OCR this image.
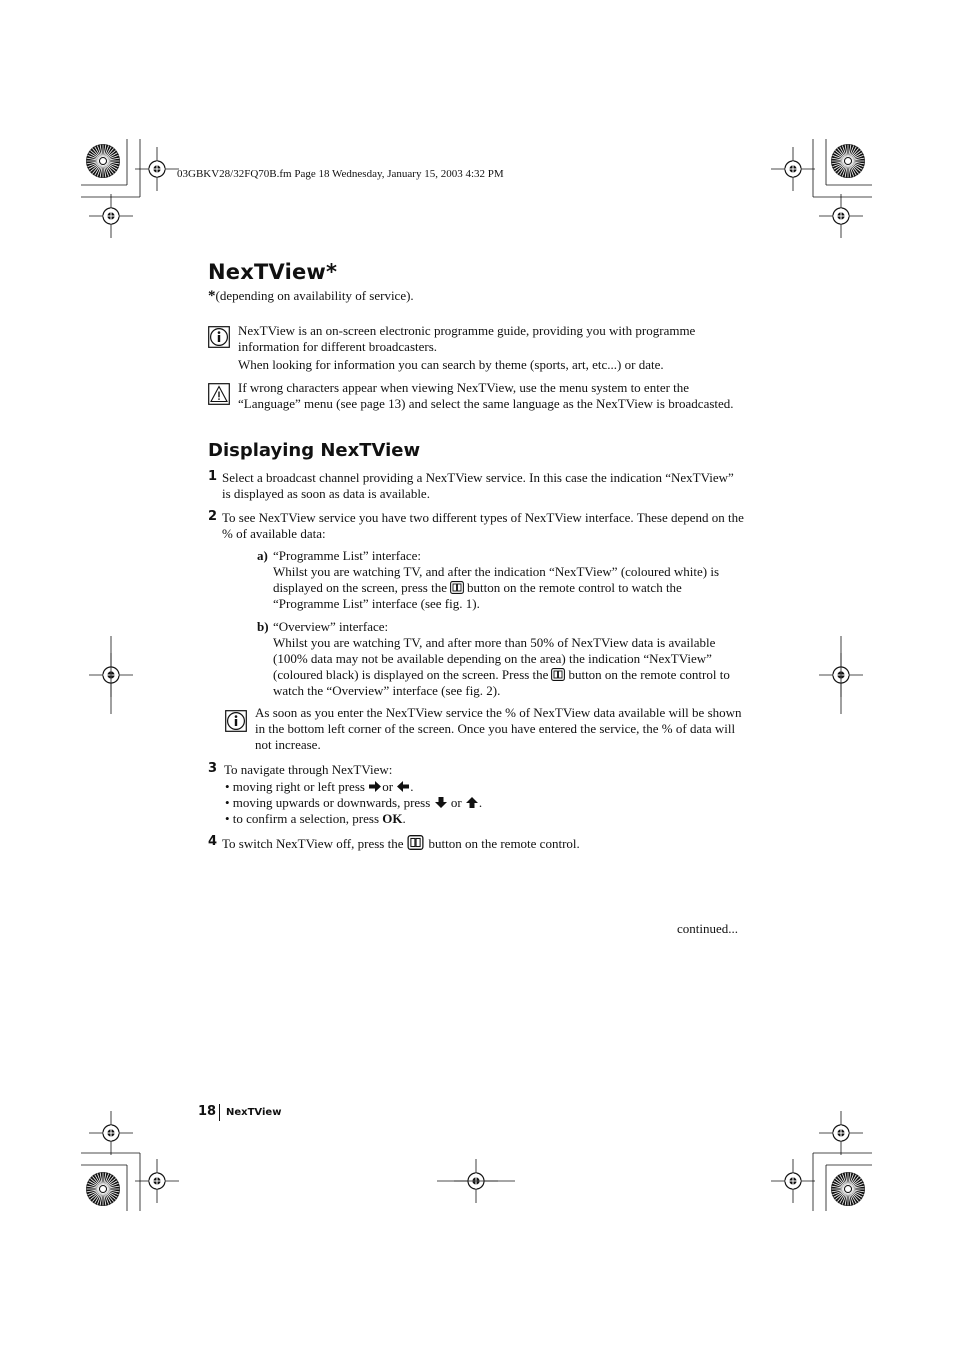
03GBKV28/32FQ70B.fm Page 18 Wednesday, January 15, 2003 4:32 PM
NexTView*
*(depending on availability of service).
NexTView is an on-screen electronic programme guide, providing you with programme information for different broadcasters.
When looking for information you can search by theme (sports, art, etc...) or date.
If wrong characters appear when viewing NexTView, use the menu system to enter the “Language” menu (see page 13) and select the same language as the NexTView is broadcasted.
Displaying NexTView
1 Select a broadcast channel providing a NexTView service. In this case the indication “NexTView” is displayed as soon as data is available.
2 To see NexTView service you have two different types of NexTView interface. These depend on the % of available data:
a) “Programme List” interface:
Whilst you are watching TV, and after the indication “NexTView” (coloured white) is displayed on the screen, press the button on the remote control to watch the “Programme List” interface (see fig. 1).
b) “Overview” interface:
Whilst you are watching TV, and after more than 50% of NexTView data is available (100% data may not be available depending on the area) the indication “NexTView” (coloured black) is displayed on the screen. Press the button on the remote control to watch the “Overview” interface (see fig. 2).
As soon as you enter the NexTView service the % of NexTView data available will be shown in the bottom left corner of the screen. Once you have entered the service, the % of data will not increase.
3 To navigate through NexTView:
• moving right or left press or .
• moving upwards or downwards, press or .
• to confirm a selection, press OK.
4 To switch NexTView off, press the button on the remote control.
continued...
18 NexTView
